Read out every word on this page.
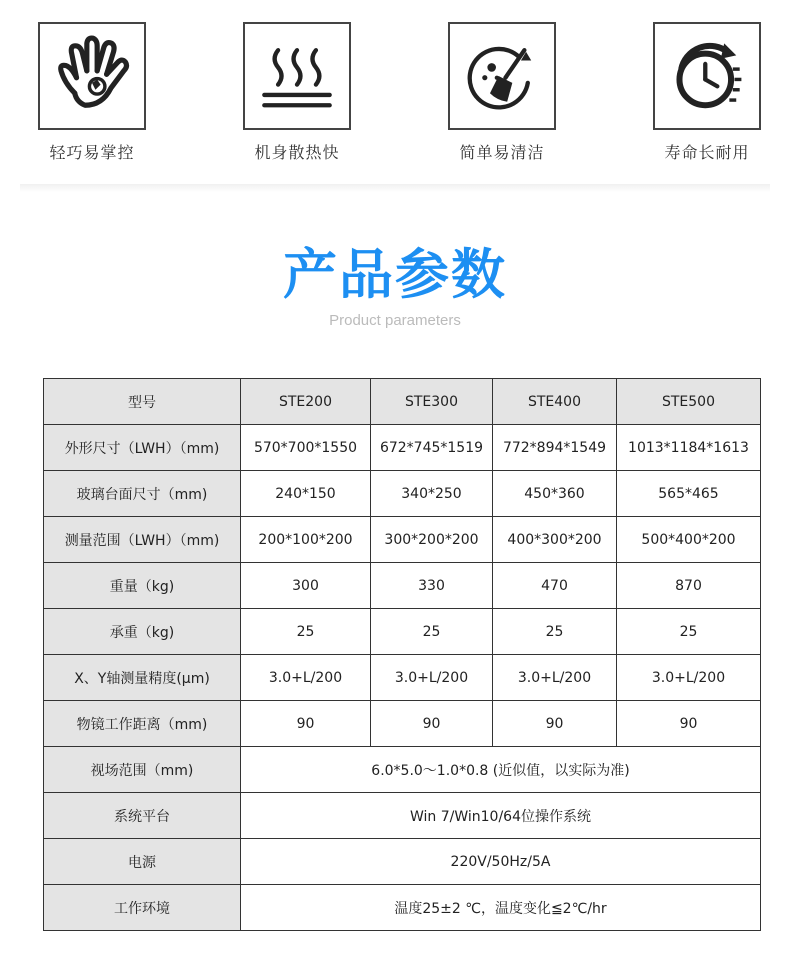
轻巧易掌控	机身散热快	简单易清洁	寿命长耐用
产品参数
Product parameters
型号	STE200	STE300	STE400	STE500
外形尺寸（LWH）（mm)	570*700*1550	672*745*1519	772*894*1549	1013*1184*1613
玻璃台面尺寸（mm)	240*150	340*250	450*360	565*465
测量范围（LWH）（mm)	200*100*200	300*200*200	400*300*200	500*400*200
重量（kg)	300	330	470	870
承重（kg)	25	25	25	25
X、Y轴测量精度(μm)	3.0+L/200	3.0+L/200	3.0+L/200	3.0+L/200
物镜工作距离（mm)	90	90	90	90
视场范围（mm)	6.0*5.0～1.0*0.8 (近似值，以实际为准)			
系统平台	Win 7/Win10/64位操作系统			
电源	220V/50Hz/5A			
工作环境	温度25±2 ℃，温度变化≦2℃/hr			
